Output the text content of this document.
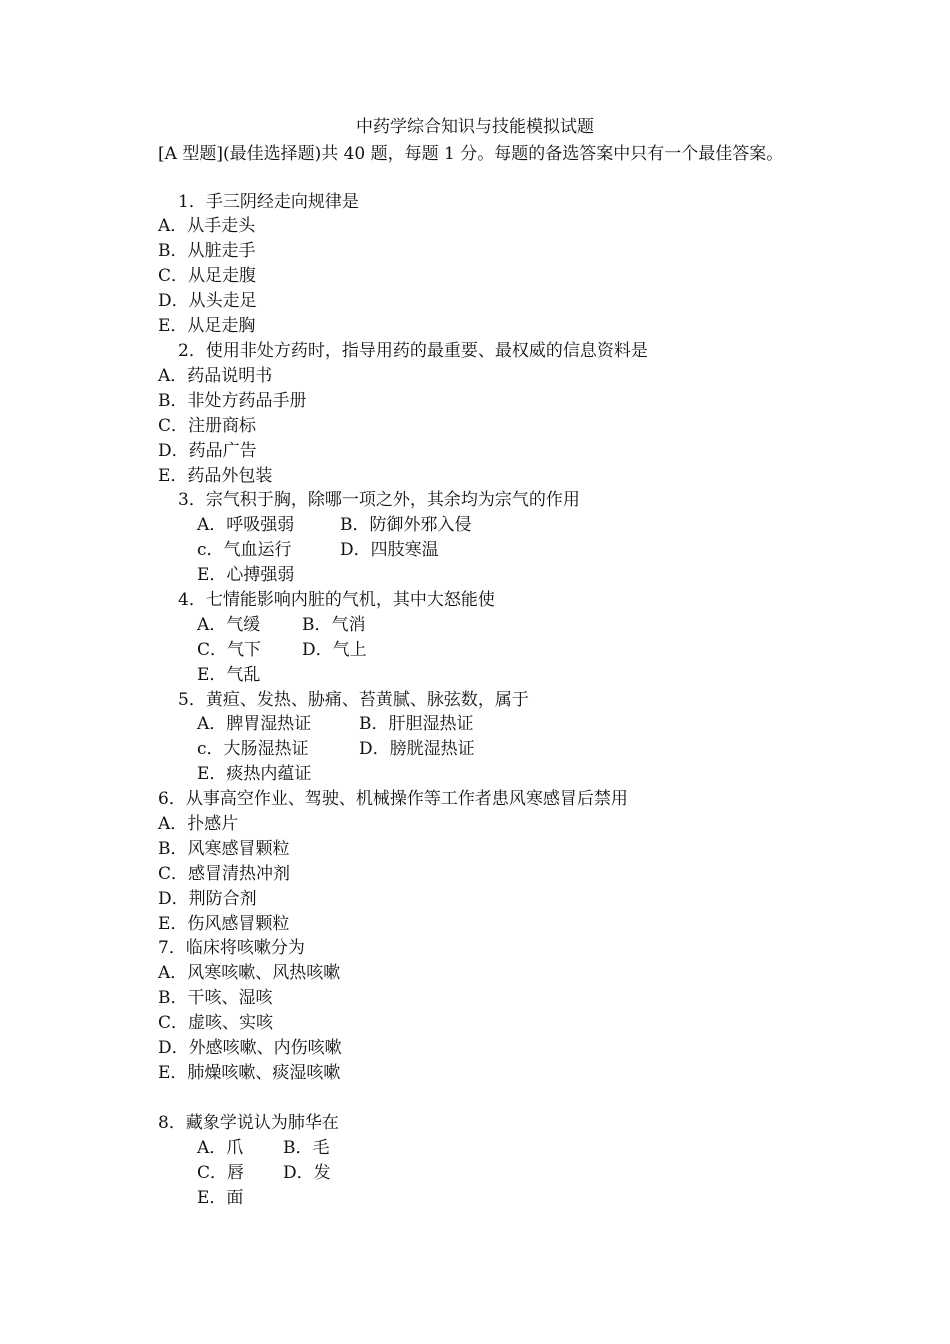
中药学综合知识与技能模拟试题
[A 型题](最佳选择题)共 40 题，每题 1 分。每题的备选答案中只有一个最佳答案。
1．手三阴经走向规律是
A．从手走头
B．从脏走手
C．从足走腹
D．从头走足
E．从足走胸
2．使用非处方药时，指导用药的最重要、最权威的信息资料是
A．药品说明书
B．非处方药品手册
C．注册商标
D．药品广告
E．药品外包装
3．宗气积于胸，除哪一项之外，其余均为宗气的作用
A．呼吸强弱	B．防御外邪入侵
c．气血运行	D．四肢寒温
E．心搏强弱
4．七情能影响内脏的气机，其中大怒能使
A．气缓 B．气消
C．气下 D．气上
E．气乱
5．黄疸、发热、胁痛、苔黄腻、脉弦数，属于
A．脾胃湿热证	B．肝胆湿热证
c．大肠湿热证	D．膀胱湿热证
E．痰热内蕴证
6．从事高空作业、驾驶、机械操作等工作者患风寒感冒后禁用
A．扑感片
B．风寒感冒颗粒
C．感冒清热冲剂
D．荆防合剂
E．伤风感冒颗粒
7．临床将咳嗽分为
A．风寒咳嗽、风热咳嗽
B．干咳、湿咳
C．虚咳、实咳
D．外感咳嗽、内伤咳嗽
E．肺燥咳嗽、痰湿咳嗽
8．藏象学说认为肺华在
A．爪 B．毛
C．唇 D．发
E．面
